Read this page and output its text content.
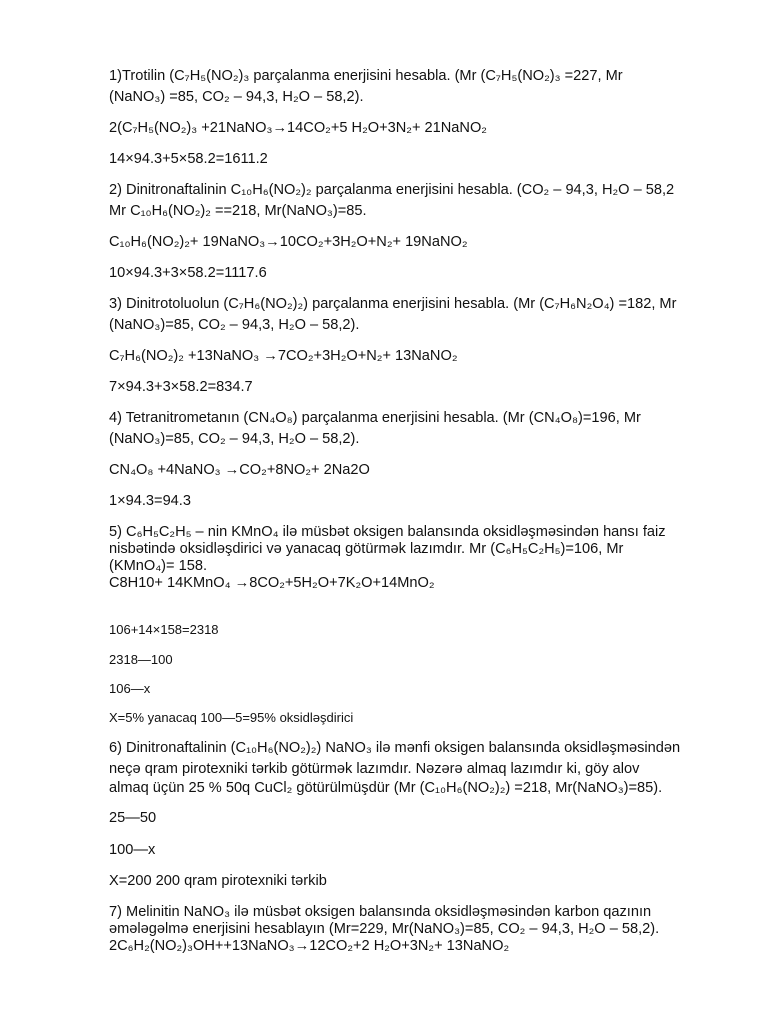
1)Trotilin (C₇H₅(NO₂)₃ parçalanma enerjisini hesabla. (Mr (C₇H₅(NO₂)₃ =227, Mr
(NaNO₃) =85, CO₂ – 94,3, H₂O – 58,2).
2(C₇H₅(NO₂)₃ +21NaNO₃→14CO₂+5 H₂O+3N₂+ 21NaNO₂
14×94.3+5×58.2=1611.2
2) Dinitronaftalinin C₁₀H₆(NO₂)₂ parçalanma enerjisini hesabla. (CO₂ – 94,3, H₂O – 58,2
Mr C₁₀H₆(NO₂)₂ ==218, Mr(NaNO₃)=85.
C₁₀H₆(NO₂)₂+ 19NaNO₃→10CO₂+3H₂O+N₂+ 19NaNO₂
10×94.3+3×58.2=1117.6
3) Dinitrotoluolun (C₇H₆(NO₂)₂) parçalanma enerjisini hesabla. (Mr (C₇H₆N₂O₄) =182, Mr
(NaNO₃)=85, CO₂ – 94,3, H₂O – 58,2).
C₇H₆(NO₂)₂ +13NaNO₃ →7CO₂+3H₂O+N₂+ 13NaNO₂
7×94.3+3×58.2=834.7
4) Tetranitrometanın (CN₄O₈) parçalanma enerjisini hesabla. (Mr (CN₄O₈)=196, Mr
(NaNO₃)=85, CO₂ – 94,3, H₂O – 58,2).
CN₄O₈ +4NaNO₃ →CO₂+8NO₂+ 2Na2O
1×94.3=94.3
5) C₆H₅C₂H₅ – nin KMnO₄ ilə müsbət oksigen balansında oksidləşməsindən hansı faiz
nisbətində oksidləşdirici və yanacaq götürmək lazımdır. Mr (C₆H₅C₂H₅)=106, Mr
(KMnO₄)= 158.
C8H10+ 14KMnO₄ →8CO₂+5H₂O+7K₂O+14MnO₂
106+14×158=2318
2318—100
106—x
X=5% yanacaq 100—5=95% oksidləşdirici
6) Dinitronaftalinin (C₁₀H₆(NO₂)₂) NaNO₃ ilə mənfi oksigen balansında oksidləşməsindən
neçə qram pirotexniki tərkib götürmək lazımdır. Nəzərə almaq lazımdır ki, göy alov
almaq üçün 25 % 50q CuCl₂ götürülmüşdür (Mr (C₁₀H₆(NO₂)₂) =218, Mr(NaNO₃)=85).
25—50
100—x
X=200 200 qram pirotexniki tərkib
7) Melinitin NaNO₃ ilə müsbət oksigen balansında oksidləşməsindən karbon qazının
əmələgəlmə enerjisini hesablayın (Mr=229, Mr(NaNO₃)=85, CO₂ – 94,3, H₂O – 58,2).
2C₆H₂(NO₂)₃OH++13NaNO₃→12CO₂+2 H₂O+3N₂+ 13NaNO₂
